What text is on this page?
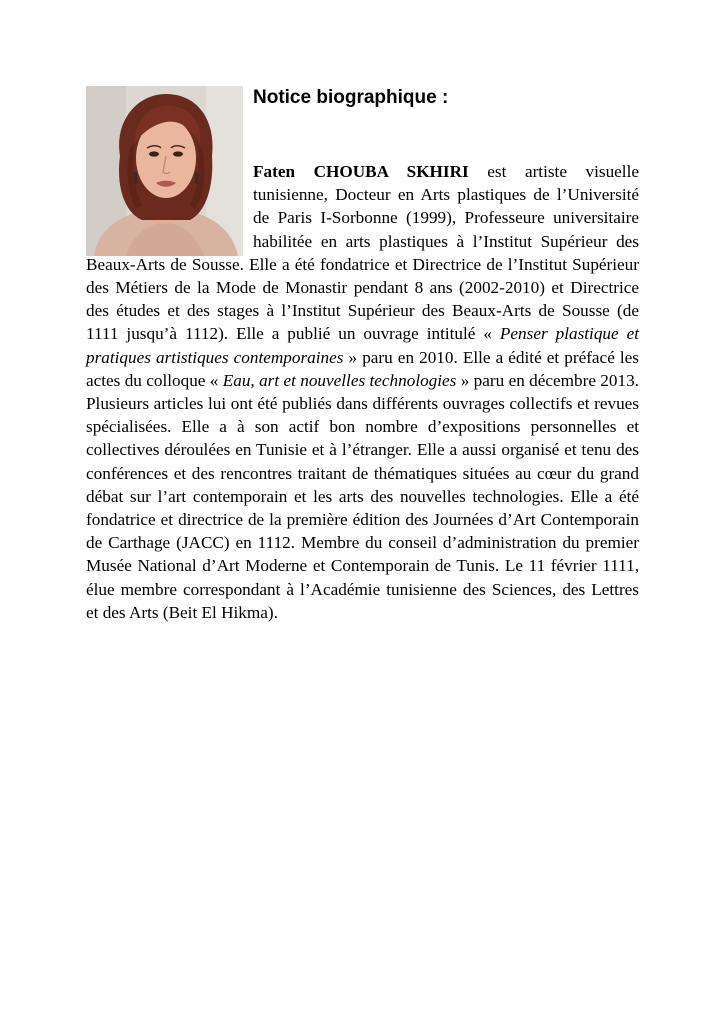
Notice biographique :

Faten CHOUBA SKHIRI est artiste visuelle tunisienne, Docteur en Arts plastiques de l’Université de Paris I-Sorbonne (1999), Professeure universitaire habilitée en arts plastiques à l’Institut Supérieur des Beaux-Arts de Sousse. Elle a été fondatrice et Directrice de l’Institut Supérieur des Métiers de la Mode de Monastir pendant 8 ans (2002-2010) et Directrice des études et des stages à l’Institut Supérieur des Beaux-Arts de Sousse (de 1111 jusqu’à 1112). Elle a publié un ouvrage intitulé « Penser plastique et pratiques artistiques contemporaines » paru en 2010. Elle a édité et préfacé les actes du colloque « Eau, art et nouvelles technologies » paru en décembre 2013. Plusieurs articles lui ont été publiés dans différents ouvrages collectifs et revues spécialisées. Elle a à son actif bon nombre d’expositions personnelles et collectives déroulées en Tunisie et à l’étranger. Elle a aussi organisé et tenu des conférences et des rencontres traitant de thématiques situées au cœur du grand débat sur l’art contemporain et les arts des nouvelles technologies. Elle a été fondatrice et directrice de la première édition des Journées d’Art Contemporain de Carthage (JACC) en 1112. Membre du conseil d’administration du premier Musée National d’Art Moderne et Contemporain de Tunis. Le 11 février 1111, élue membre correspondant à l’Académie tunisienne des Sciences, des Lettres et des Arts (Beit El Hikma).
